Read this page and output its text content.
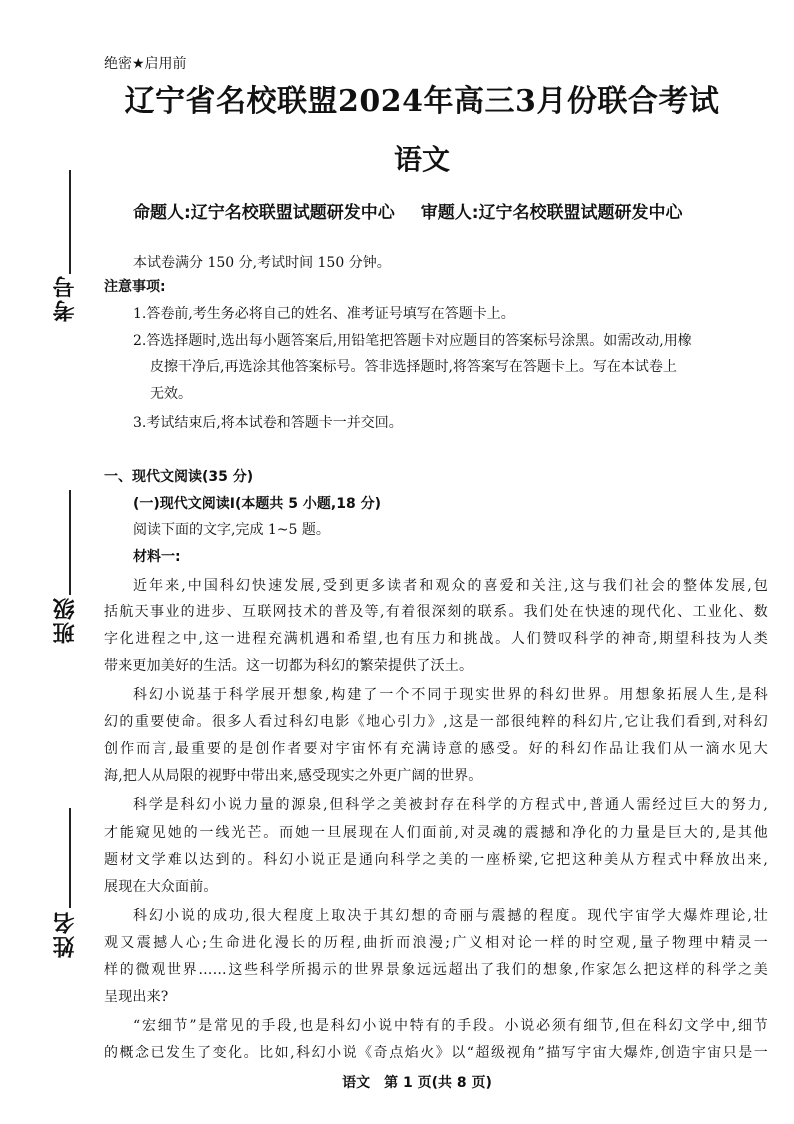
考号
班级
姓名
绝密★启用前
辽宁省名校联盟2024年高三3月份联合考试
语文
命题人:辽宁名校联盟试题研发中心 审题人:辽宁名校联盟试题研发中心
本试卷满分 150 分,考试时间 150 分钟。
注意事项:
1.答卷前,考生务必将自己的姓名、准考证号填写在答题卡上。
2.答选择题时,选出每小题答案后,用铅笔把答题卡对应题目的答案标号涂黑。如需改动,用橡
皮擦干净后,再选涂其他答案标号。答非选择题时,将答案写在答题卡上。写在本试卷上
无效。
3.考试结束后,将本试卷和答题卡一并交回。
一、现代文阅读(35 分)
(一)现代文阅读Ⅰ(本题共 5 小题,18 分)
阅读下面的文字,完成 1~5 题。
材料一:
近年来,中国科幻快速发展,受到更多读者和观众的喜爱和关注,这与我们社会的整体发展,包
括航天事业的进步、互联网技术的普及等,有着很深刻的联系。我们处在快速的现代化、工业化、数
字化进程之中,这一进程充满机遇和希望,也有压力和挑战。人们赞叹科学的神奇,期望科技为人类
带来更加美好的生活。这一切都为科幻的繁荣提供了沃土。
科幻小说基于科学展开想象,构建了一个不同于现实世界的科幻世界。用想象拓展人生,是科
幻的重要使命。很多人看过科幻电影《地心引力》,这是一部很纯粹的科幻片,它让我们看到,对科幻
创作而言,最重要的是创作者要对宇宙怀有充满诗意的感受。好的科幻作品让我们从一滴水见大
海,把人从局限的视野中带出来,感受现实之外更广阔的世界。
科学是科幻小说力量的源泉,但科学之美被封存在科学的方程式中,普通人需经过巨大的努力,
才能窥见她的一线光芒。而她一旦展现在人们面前,对灵魂的震撼和净化的力量是巨大的,是其他
题材文学难以达到的。科幻小说正是通向科学之美的一座桥梁,它把这种美从方程式中释放出来,
展现在大众面前。
科幻小说的成功,很大程度上取决于其幻想的奇丽与震撼的程度。现代宇宙学大爆炸理论,壮
观又震撼人心;生命进化漫长的历程,曲折而浪漫;广义相对论一样的时空观,量子物理中精灵一
样的微观世界……这些科学所揭示的世界景象远远超出了我们的想象,作家怎么把这样的科学之美
呈现出来?
“宏细节”是常见的手段,也是科幻小说中特有的手段。小说必须有细节,但在科幻文学中,细节
的概念已发生了变化。比如,科幻小说《奇点焰火》以“超级视角”描写宇宙大爆炸,创造宇宙只是一
语文　第 1 页(共 8 页)
